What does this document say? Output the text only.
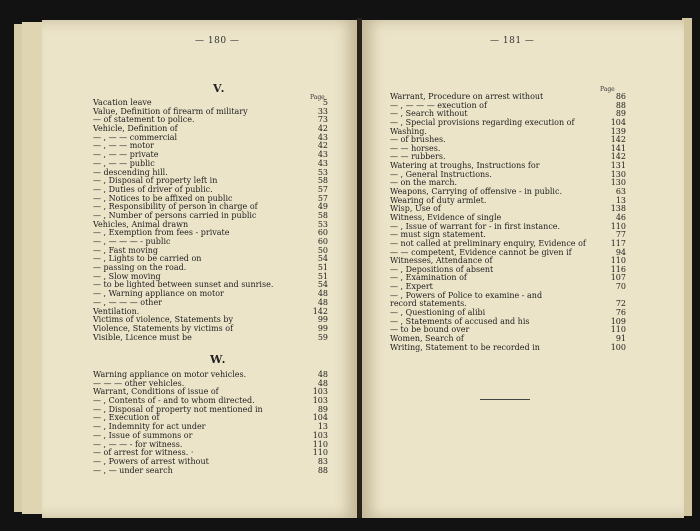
— 180 —
V.
Page
Vacation leave	5
Value, Definition of firearm of military	33
— of statement to police.	73
Vehicle, Definition of	42
— , — — commercial	43
— , — — motor	42
— , — — private	43
— , — — public	43
— descending hill.	53
— , Disposal of property left in	58
— , Duties of driver of public.	57
— , Notices to be affixed on public	57
— , Responsibility of person in charge of	49
— , Number of persons carried in public	58
Vehicles, Animal drawn	53
— , Exemption from fees - private	60
— , — — — - public	60
— , Fast moving	50
— , Lights to be carried on	54
— passing on the road.	51
— , Slow moving	51
— to be lighted between sunset and sunrise.	54
— , Warning appliance on motor	48
— , — — — other	48
Ventilation.	142
Victims of violence, Statements by	99
Violence, Statements by victims of	99
Visible, Licence must be	59
W.
Warning appliance on motor vehicles.	48
— — — other vehicles.	48
Warrant, Conditions of issue of	103
— , Contents of - and to whom directed.	103
— , Disposal of property not mentioned in	89
— , Execution of	104
— , Indemnity for act under	13
— , Issue of summons or	103
— , — — - for witness.	110
— of arrest for witness. ·	110
— , Powers of arrest without	83
— , — under search	88
— 181 —
Page
Warrant, Procedure on arrest without	86
— , — — — execution of	88
— , Search without	89
— , Special provisions regarding execution of	104
Washing.	139
— of brushes.	142
— — horses.	141
— — rubbers.	142
Watering at troughs, Instructions for	131
— , General Instructions.	130
— on the march.	130
Weapons, Carrying of offensive - in public.	63
Wearing of duty armlet.	13
Wisp, Use of	138
Witness, Evidence of single	46
— , Issue of warrant for - in first instance.	110
— must sign statement.	77
— not called at preliminary enquiry, Evidence of	117
— — competent, Evidence cannot be given if	94
Witnesses, Attendance of	110
— , Depositions of absent	116
— , Examination of	107
— , Expert	70
— , Powers of Police to examine - and
record statements.	72
— , Questioning of alibi	76
— , Statements of accused and his	109
— to be bound over	110
Women, Search of	91
Writing, Statement to be recorded in	100
